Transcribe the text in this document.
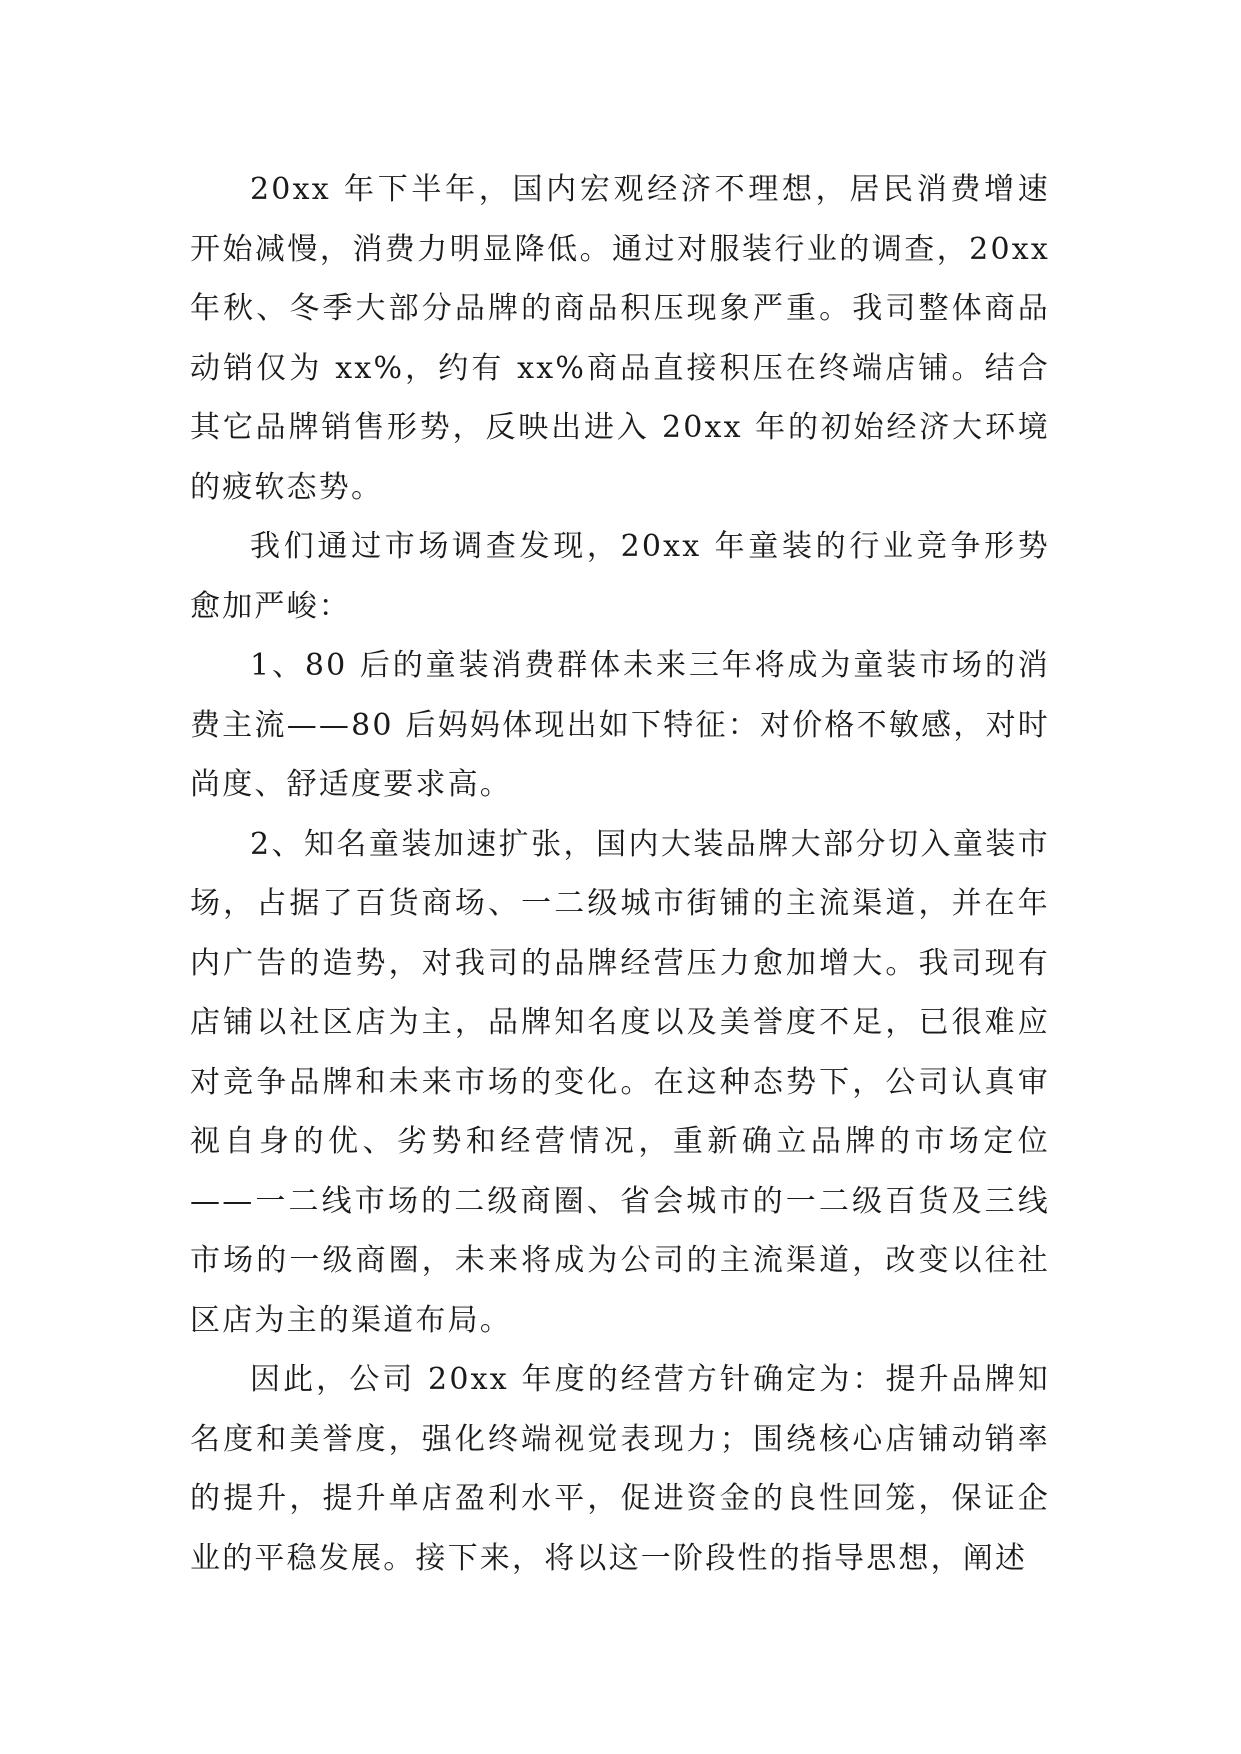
20xx 年下半年，国内宏观经济不理想，居民消费增速开始减慢，消费力明显降低。通过对服装行业的调查，20xx 年秋、冬季大部分品牌的商品积压现象严重。我司整体商品动销仅为 xx%，约有 xx%商品直接积压在终端店铺。结合其它品牌销售形势，反映出进入 20xx 年的初始经济大环境的疲软态势。

我们通过市场调查发现，20xx 年童装的行业竞争形势愈加严峻：

1、80 后的童装消费群体未来三年将成为童装市场的消费主流——80 后妈妈体现出如下特征：对价格不敏感，对时尚度、舒适度要求高。

2、知名童装加速扩张，国内大装品牌大部分切入童装市场，占据了百货商场、一二级城市街铺的主流渠道，并在年内广告的造势，对我司的品牌经营压力愈加增大。我司现有店铺以社区店为主，品牌知名度以及美誉度不足，已很难应对竞争品牌和未来市场的变化。在这种态势下，公司认真审视自身的优、劣势和经营情况，重新确立品牌的市场定位——一二线市场的二级商圈、省会城市的一二级百货及三线市场的一级商圈，未来将成为公司的主流渠道，改变以往社区店为主的渠道布局。

因此，公司 20xx 年度的经营方针确定为：提升品牌知名度和美誉度，强化终端视觉表现力；围绕核心店铺动销率的提升，提升单店盈利水平，促进资金的良性回笼，保证企业的平稳发展。接下来，将以这一阶段性的指导思想，阐述
